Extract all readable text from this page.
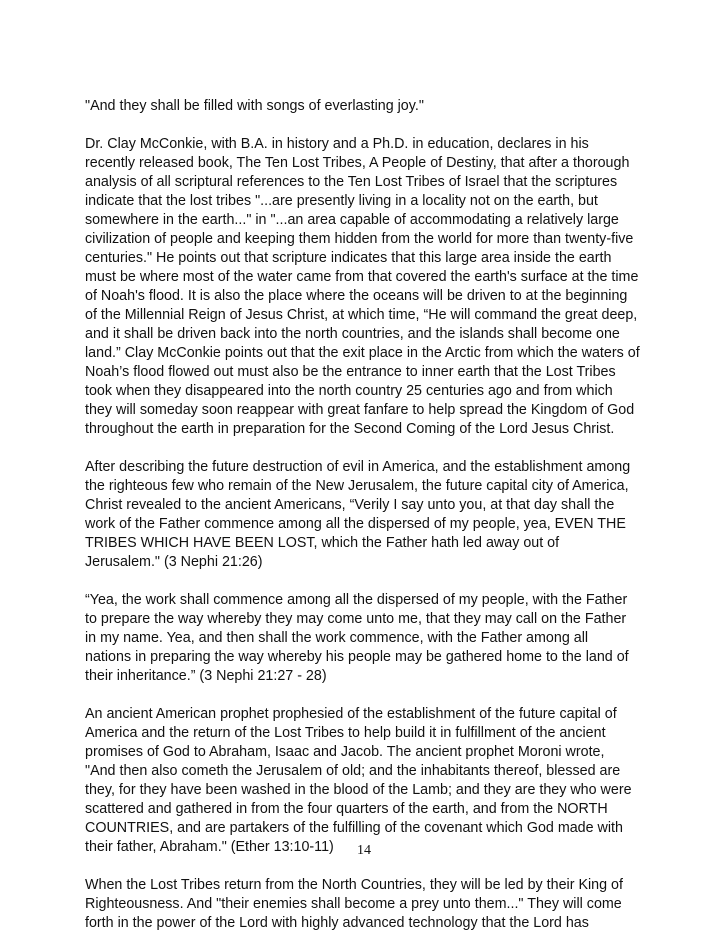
"And they shall be filled with songs of everlasting joy."

Dr. Clay McConkie, with B.A. in history and a Ph.D. in education, declares in his
recently released book, The Ten Lost Tribes, A People of Destiny, that after a thorough
analysis of all scriptural references to the Ten Lost Tribes of Israel that the scriptures
indicate that the lost tribes "...are presently living in a locality not on the earth, but
somewhere in the earth..." in "...an area capable of accommodating a relatively large
civilization of people and keeping them hidden from the world for more than twenty-five
centuries." He points out that scripture indicates that this large area inside the earth
must be where most of the water came from that covered the earth's surface at the time
of Noah's flood. It is also the place where the oceans will be driven to at the beginning
of the Millennial Reign of Jesus Christ, at which time, “He will command the great deep,
and it shall be driven back into the north countries, and the islands shall become one
land.” Clay McConkie points out that the exit place in the Arctic from which the waters of
Noah’s flood flowed out must also be the entrance to inner earth that the Lost Tribes
took when they disappeared into the north country 25 centuries ago and from which
they will someday soon reappear with great fanfare to help spread the Kingdom of God
throughout the earth in preparation for the Second Coming of the Lord Jesus Christ.

After describing the future destruction of evil in America, and the establishment among
the righteous few who remain of the New Jerusalem, the future capital city of America,
Christ revealed to the ancient Americans, “Verily I say unto you, at that day shall the
work of the Father commence among all the dispersed of my people, yea, EVEN THE
TRIBES WHICH HAVE BEEN LOST, which the Father hath led away out of
Jerusalem." (3 Nephi 21:26)

“Yea, the work shall commence among all the dispersed of my people, with the Father
to prepare the way whereby they may come unto me, that they may call on the Father
in my name. Yea, and then shall the work commence, with the Father among all
nations in preparing the way whereby his people may be gathered home to the land of
their inheritance.” (3 Nephi 21:27 - 28)

An ancient American prophet prophesied of the establishment of the future capital of
America and the return of the Lost Tribes to help build it in fulfillment of the ancient
promises of God to Abraham, Isaac and Jacob. The ancient prophet Moroni wrote,
"And then also cometh the Jerusalem of old; and the inhabitants thereof, blessed are
they, for they have been washed in the blood of the Lamb; and they are they who were
scattered and gathered in from the four quarters of the earth, and from the NORTH
COUNTRIES, and are partakers of the fulfilling of the covenant which God made with
their father, Abraham." (Ether 13:10-11)

When the Lost Tribes return from the North Countries, they will be led by their King of
Righteousness. And "their enemies shall become a prey unto them..." They will come
forth in the power of the Lord with highly advanced technology that the Lord has

14
